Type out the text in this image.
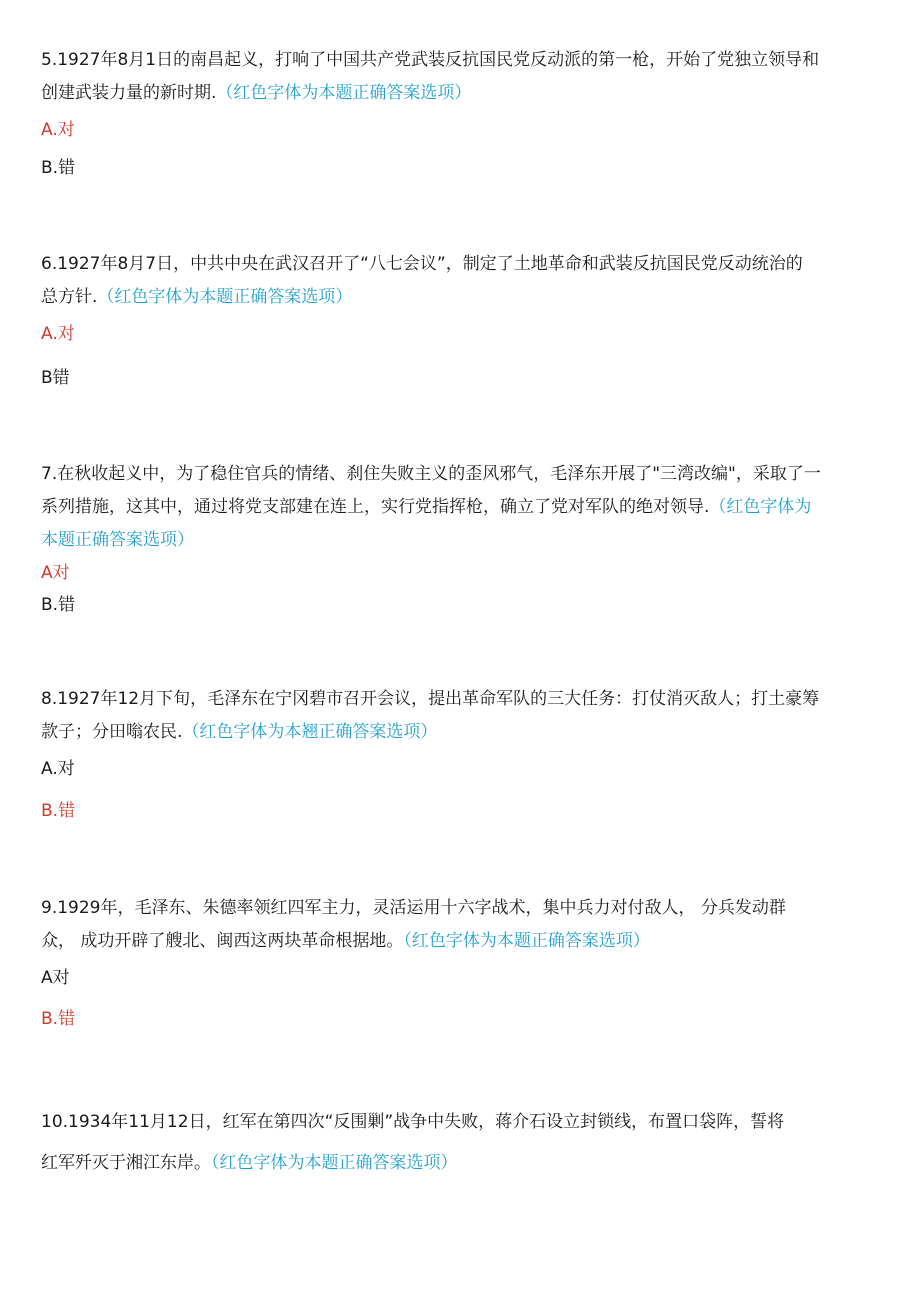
5.1927年8月1日的南昌起义，打响了中国共产党武装反抗国民党反动派的第一枪，开始了党独立领导和
创建武装力量的新时期.（红色字体为本题正确答案选项）
A.对
B.错
6.1927年8月7日，中共中央在武汉召开了“八七会议”，制定了土地革命和武装反抗国民党反动统治的
总方针.（红色字体为本题正确答案选项）
A.对
B错
7.在秋收起义中，为了稳住官兵的情绪、刹住失败主义的歪风邪气，毛泽东开展了"三湾改编"，采取了一
系列措施，这其中，通过将党支部建在连上，实行党指挥枪，确立了党对军队的绝对领导.（红色字体为
本题正确答案选项）
A对
B.错
8.1927年12月下旬，毛泽东在宁冈碧市召开会议，提出革命军队的三大任务：打仗消灭敌人；打土豪筹
款子；分田嗡农民.（红色字体为本翘正确答案选项）
A.对
B.错
9.1929年，毛泽东、朱德率领红四军主力，灵活运用十六字战术，集中兵力对付敌人， 分兵发动群
众， 成功开辟了艘北、闽西这两块革命根据地。（红色字体为本题正确答案选项）
A对
B.错
10.1934年11月12日，红军在第四次“反围剿”战争中失败，蒋介石设立封锁线，布置口袋阵，誓将
红军歼灭于湘江东岸。（红色字体为本题正确答案选项）
